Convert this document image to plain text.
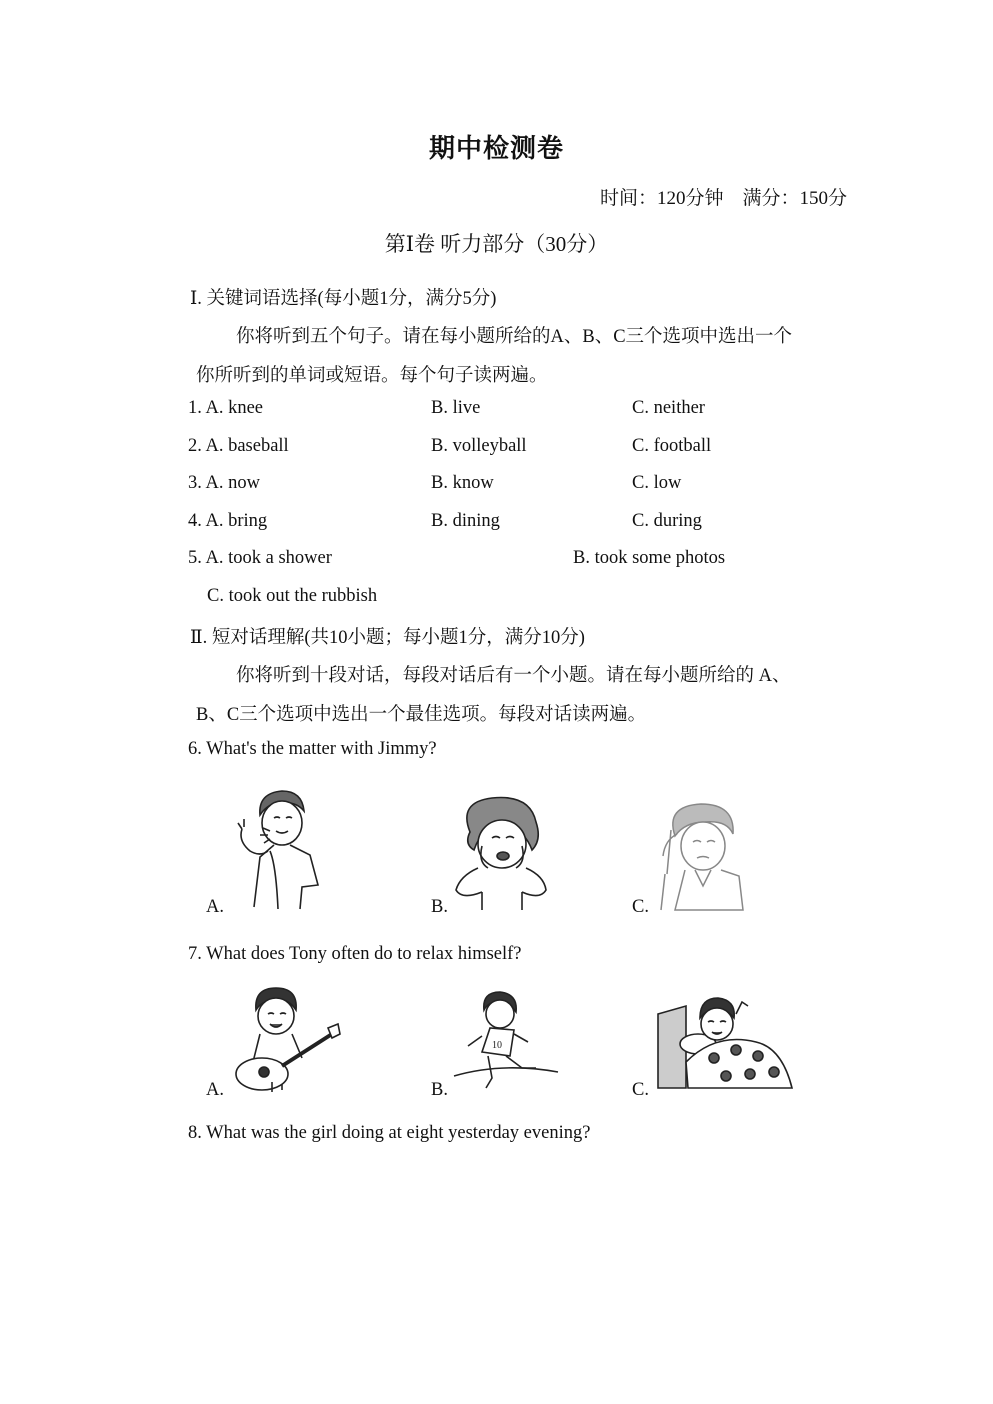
期中检测卷
时间：120分钟　满分：150分
第Ⅰ卷 听力部分（30分）
Ⅰ. 关键词语选择(每小题1分，满分5分)
你将听到五个句子。请在每小题所给的A、B、C三个选项中选出一个
你所听到的单词或短语。每个句子读两遍。
1. A. knee	B. live	C. neither
2. A. baseball	B. volleyball	C. football
3. A. now	B. know	C. low
4. A. bring	B. dining	C. during
5. A. took a shower	B. took some photos
C. took out the rubbish
Ⅱ. 短对话理解(共10小题；每小题1分，满分10分)
你将听到十段对话，每段对话后有一个小题。请在每小题所给的 A、
B、C三个选项中选出一个最佳选项。每段对话读两遍。
6. What's the matter with Jimmy?
A.	B.	C.
7. What does Tony often do to relax himself?
A.	B.
10
C.
8. What was the girl doing at eight yesterday evening?
